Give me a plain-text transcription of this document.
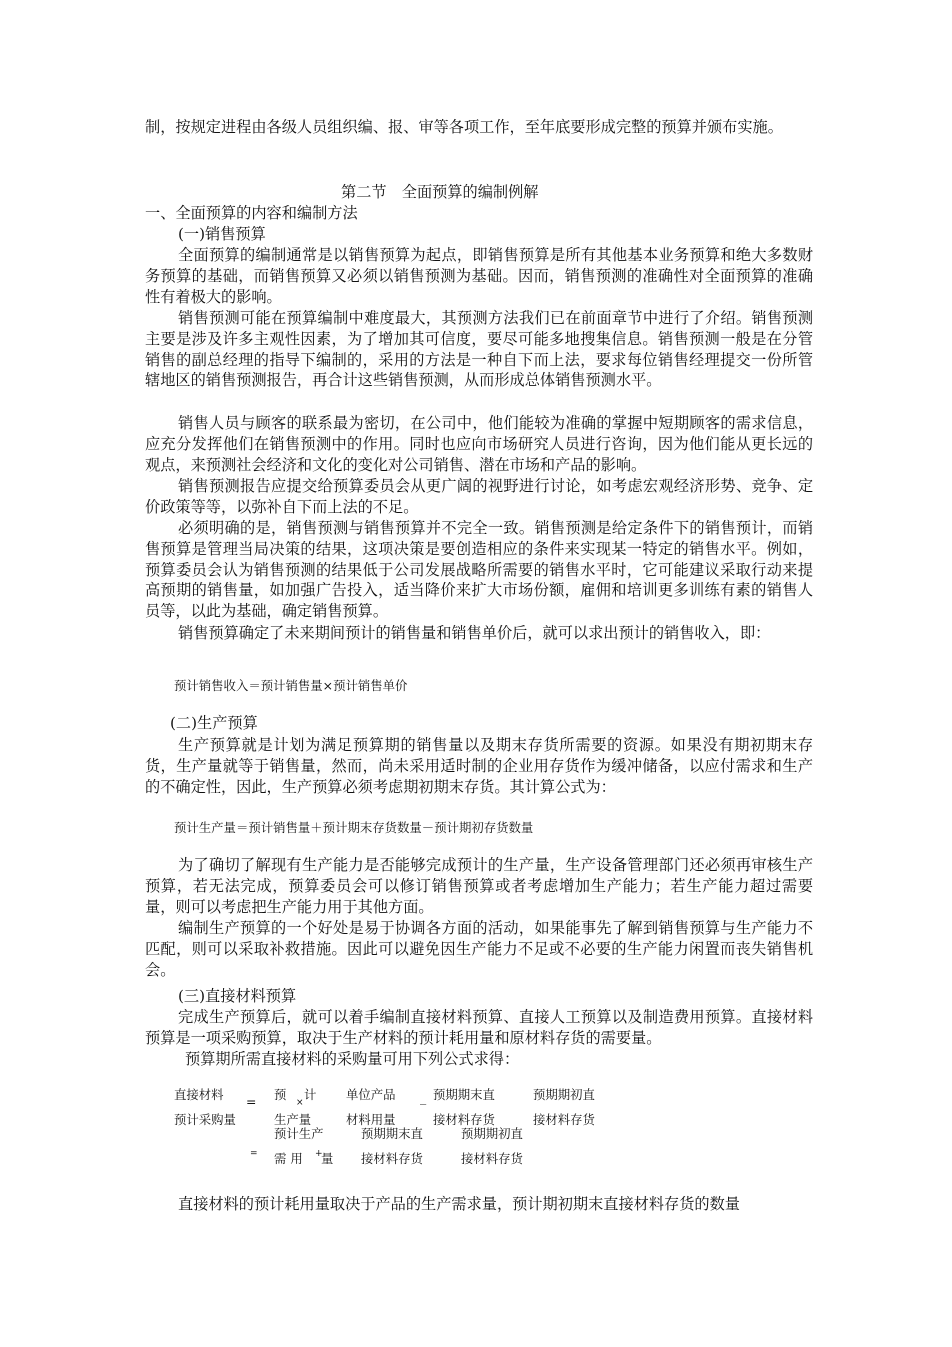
制，按规定进程由各级人员组织编、报、审等各项工作，至年底要形成完整的预算并颁布实施。

第二节　全面预算的编制例解

一、全面预算的内容和编制方法

(一)销售预算

全面预算的编制通常是以销售预算为起点，即销售预算是所有其他基本业务预算和绝大多数财务预算的基础，而销售预算又必须以销售预测为基础。因而，销售预测的准确性对全面预算的准确性有着极大的影响。

销售预测可能在预算编制中难度最大，其预测方法我们已在前面章节中进行了介绍。销售预测主要是涉及许多主观性因素，为了增加其可信度，要尽可能多地搜集信息。销售预测一般是在分管销售的副总经理的指导下编制的，采用的方法是一种自下而上法，要求每位销售经理提交一份所管辖地区的销售预测报告，再合计这些销售预测，从而形成总体销售预测水平。

销售人员与顾客的联系最为密切，在公司中，他们能较为准确的掌握中短期顾客的需求信息，应充分发挥他们在销售预测中的作用。同时也应向市场研究人员进行咨询，因为他们能从更长远的观点，来预测社会经济和文化的变化对公司销售、潜在市场和产品的影响。

销售预测报告应提交给预算委员会从更广阔的视野进行讨论，如考虑宏观经济形势、竞争、定价政策等等，以弥补自下而上法的不足。

必须明确的是，销售预测与销售预算并不完全一致。销售预测是给定条件下的销售预计，而销售预算是管理当局决策的结果，这项决策是要创造相应的条件来实现某一特定的销售水平。例如，预算委员会认为销售预测的结果低于公司发展战略所需要的销售水平时，它可能建议采取行动来提高预期的销售量，如加强广告投入，适当降价来扩大市场份额，雇佣和培训更多训练有素的销售人员等，以此为基础，确定销售预算。

销售预算确定了未来期间预计的销售量和销售单价后，就可以求出预计的销售收入，即：

预计销售收入＝预计销售量×预计销售单价

(二)生产预算

生产预算就是计划为满足预算期的销售量以及期末存货所需要的资源。如果没有期初期末存货，生产量就等于销售量，然而，尚未采用适时制的企业用存货作为缓冲储备，以应付需求和生产的不确定性，因此，生产预算必须考虑期初期末存货。其计算公式为：

预计生产量＝预计销售量＋预计期末存货数量－预计期初存货数量

为了确切了解现有生产能力是否能够完成预计的生产量，生产设备管理部门还必须再审核生产预算，若无法完成，预算委员会可以修订销售预算或者考虑增加生产能力；若生产能力超过需要量，则可以考虑把生产能力用于其他方面。

编制生产预算的一个好处是易于协调各方面的活动，如果能事先了解到销售预算与生产能力不匹配，则可以采取补救措施。因此可以避免因生产能力不足或不必要的生产能力闲置而丧失销售机会。

(三)直接材料预算

完成生产预算后，就可以着手编制直接材料预算、直接人工预算以及制造费用预算。直接材料预算是一项采购预算，取决于生产材料的预计耗用量和原材料存货的需要量。

预算期所需直接材料的采购量可用下列公式求得：

直接材料
预计采购量
= 预 计
×
生产量
单位产品
材料用量
_ 预期期末直
接材料存货
预期期初直
接材料存货
预计生产	预期期末直	预期期初直
= 需 用 +
量 接材料存货	接材料存货

直接材料的预计耗用量取决于产品的生产需求量，预计期初期末直接材料存货的数量
